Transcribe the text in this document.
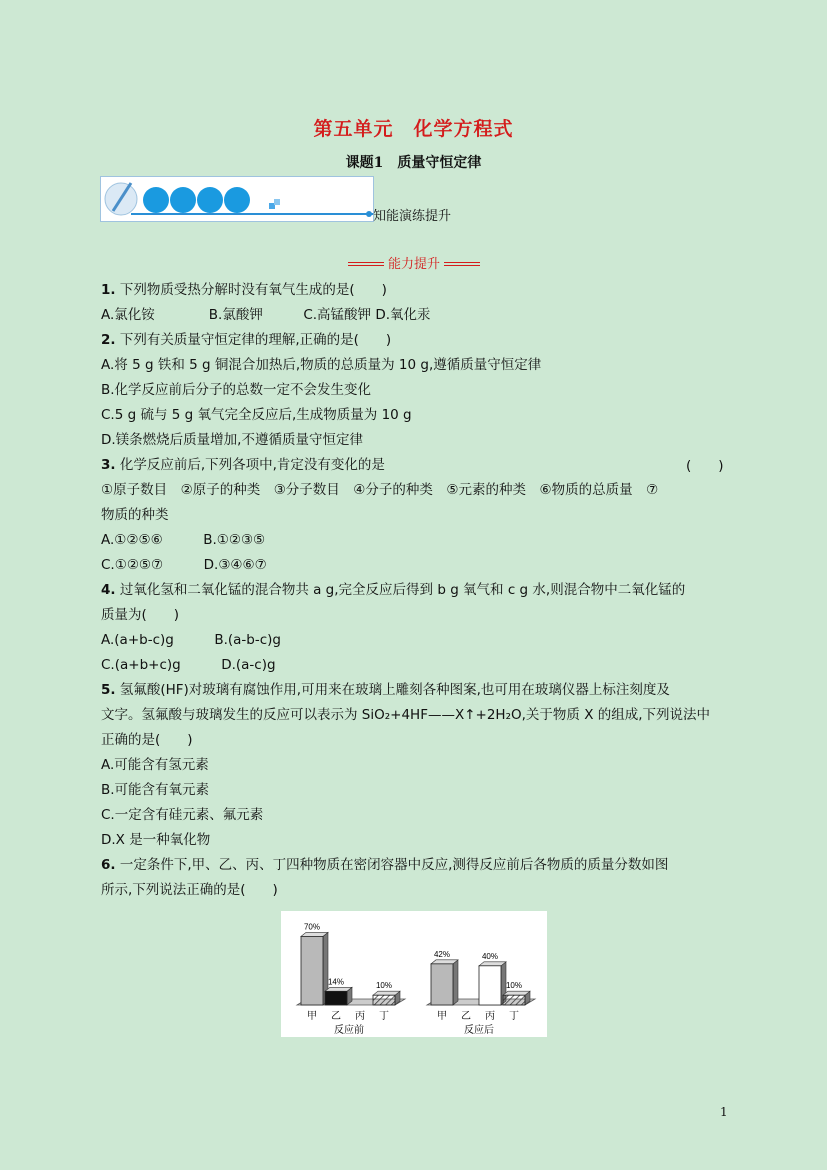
第五单元　化学方程式
课题1　质量守恒定律
知能演练提升
能力提升
1. 下列物质受热分解时没有氧气生成的是(　　)
A.氯化铵　　　　B.氯酸钾　　　C.高锰酸钾 D.氧化汞
2. 下列有关质量守恒定律的理解,正确的是(　　)
A.将 5 g 铁和 5 g 铜混合加热后,物质的总质量为 10 g,遵循质量守恒定律
B.化学反应前后分子的总数一定不会发生变化
C.5 g 硫与 5 g 氧气完全反应后,生成物质量为 10 g
D.镁条燃烧后质量增加,不遵循质量守恒定律
3. 化学反应前后,下列各项中,肯定没有变化的是
①原子数目　②原子的种类　③分子数目　④分子的种类　⑤元素的种类　⑥物质的总质量　⑦
物质的种类
A.①②⑤⑥　　　B.①②③⑤
C.①②⑤⑦　　　D.③④⑥⑦
4. 过氧化氢和二氧化锰的混合物共 a g,完全反应后得到 b g 氧气和 c g 水,则混合物中二氧化锰的
质量为(　　)
A.(a+b-c)g　　　B.(a-b-c)g
C.(a+b+c)g　　　D.(a-c)g
5. 氢氟酸(HF)对玻璃有腐蚀作用,可用来在玻璃上雕刻各种图案,也可用在玻璃仪器上标注刻度及
文字。氢氟酸与玻璃发生的反应可以表示为 SiO₂+4HF——X↑+2H₂O,关于物质 X 的组成,下列说法中
正确的是(　　)
A.可能含有氢元素
B.可能含有氧元素
C.一定含有硅元素、氟元素
D.X 是一种氧化物
6. 一定条件下,甲、乙、丙、丁四种物质在密闭容器中反应,测得反应前后各物质的质量分数如图
所示,下列说法正确的是(　　)
(　　)
70%
甲
14%
乙 丙
10%
丁
反应前
42%
甲 乙
40%
丙
10%
丁
反应后
1
